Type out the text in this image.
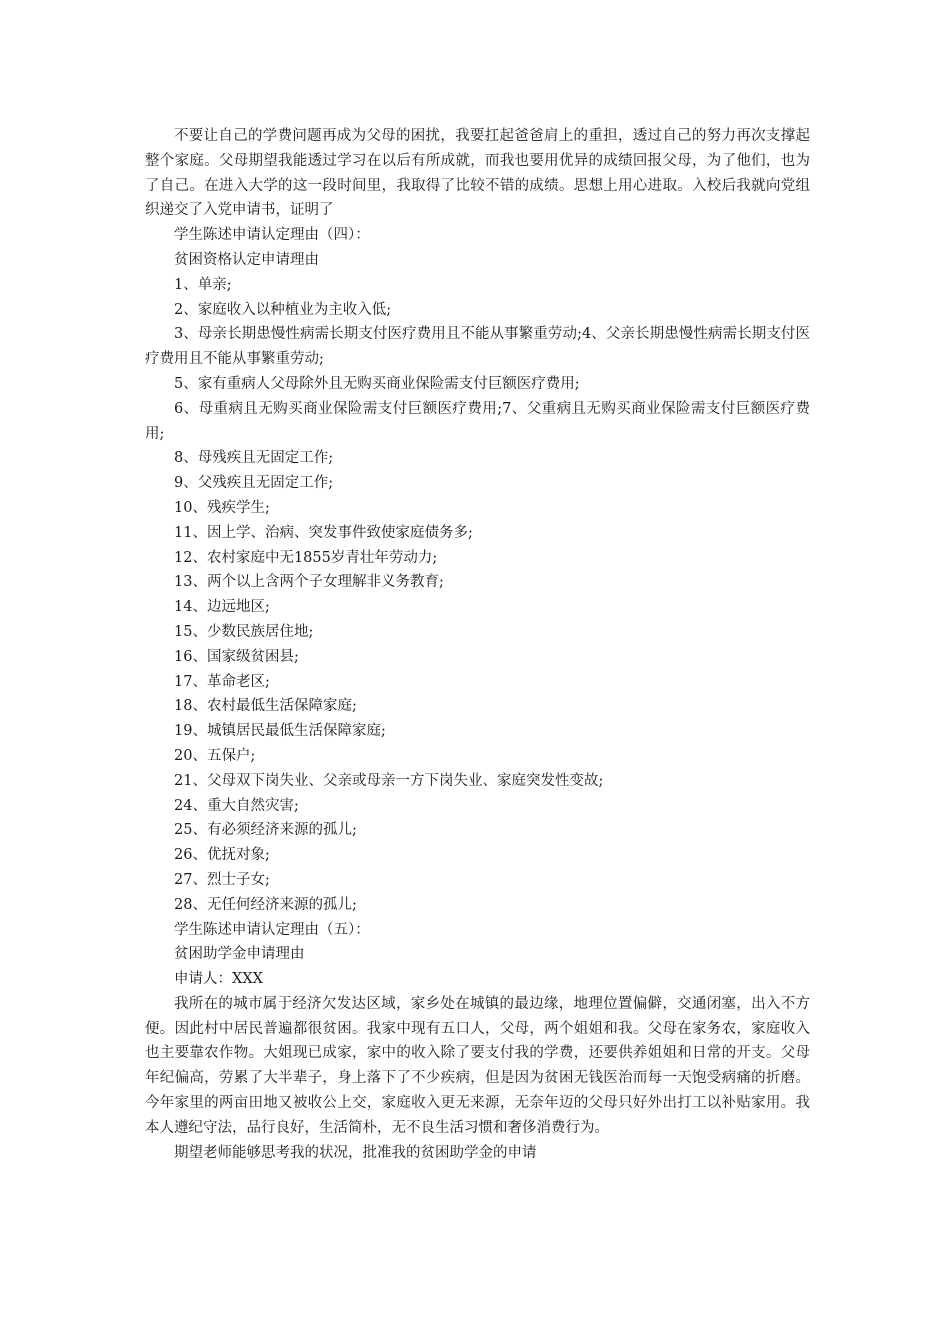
不要让自己的学费问题再成为父母的困扰，我要扛起爸爸肩上的重担，透过自己的努力再次支撑起整个家庭。父母期望我能透过学习在以后有所成就，而我也要用优异的成绩回报父母，为了他们，也为了自己。在进入大学的这一段时间里，我取得了比较不错的成绩。思想上用心进取。入校后我就向党组织递交了入党申请书，证明了

学生陈述申请认定理由（四）：

贫困资格认定申请理由

1、单亲;

2、家庭收入以种植业为主收入低;

3、母亲长期患慢性病需长期支付医疗费用且不能从事繁重劳动;4、父亲长期患慢性病需长期支付医疗费用且不能从事繁重劳动;

5、家有重病人父母除外且无购买商业保险需支付巨额医疗费用;

6、母重病且无购买商业保险需支付巨额医疗费用;7、父重病且无购买商业保险需支付巨额医疗费用;

8、母残疾且无固定工作;

9、父残疾且无固定工作;

10、残疾学生;

11、因上学、治病、突发事件致使家庭债务多;

12、农村家庭中无1855岁青壮年劳动力;

13、两个以上含两个子女理解非义务教育;

14、边远地区;

15、少数民族居住地;

16、国家级贫困县;

17、革命老区;

18、农村最低生活保障家庭;

19、城镇居民最低生活保障家庭;

20、五保户;

21、父母双下岗失业、父亲或母亲一方下岗失业、家庭突发性变故;

24、重大自然灾害;

25、有必须经济来源的孤儿;

26、优抚对象;

27、烈士子女;

28、无任何经济来源的孤儿;

学生陈述申请认定理由（五）：

贫困助学金申请理由

申请人：XXX

我所在的城市属于经济欠发达区域，家乡处在城镇的最边缘，地理位置偏僻，交通闭塞，出入不方便。因此村中居民普遍都很贫困。我家中现有五口人，父母，两个姐姐和我。父母在家务农，家庭收入也主要靠农作物。大姐现已成家，家中的收入除了要支付我的学费，还要供养姐姐和日常的开支。父母年纪偏高，劳累了大半辈子，身上落下了不少疾病，但是因为贫困无钱医治而每一天饱受病痛的折磨。今年家里的两亩田地又被收公上交，家庭收入更无来源，无奈年迈的父母只好外出打工以补贴家用。我本人遵纪守法，品行良好，生活简朴，无不良生活习惯和奢侈消费行为。

期望老师能够思考我的状况，批准我的贫困助学金的申请
